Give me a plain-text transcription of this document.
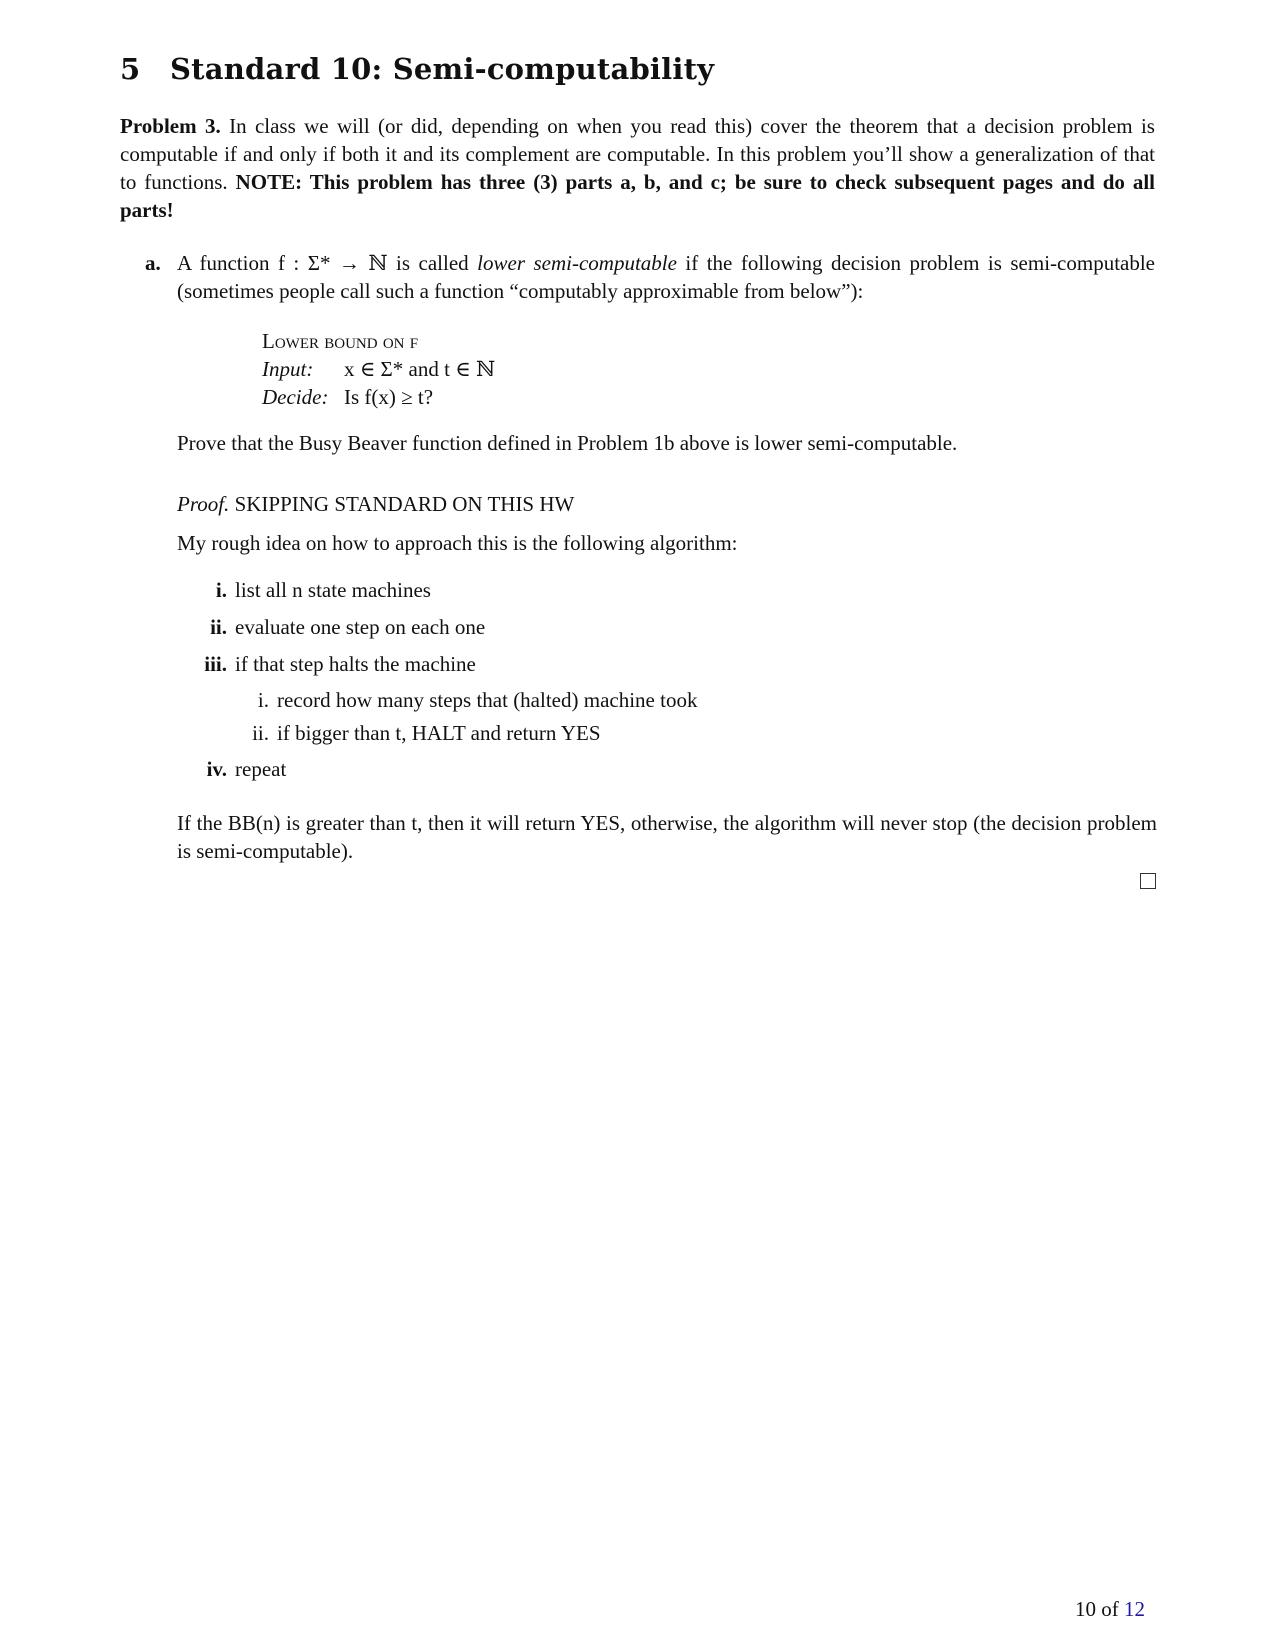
5 Standard 10: Semi-computability
Problem 3. In class we will (or did, depending on when you read this) cover the theorem that a decision problem is computable if and only if both it and its complement are computable. In this problem you’ll show a generalization of that to functions. NOTE: This problem has three (3) parts a, b, and c; be sure to check subsequent pages and do all parts!
a. A function f : Σ* → ℕ is called lower semi-computable if the following decision problem is semi-computable (sometimes people call such a function “computably approximable from below”):
Lower bound on f
Input: x ∈ Σ* and t ∈ ℕ
Decide: Is f(x) ≥ t?
Prove that the Busy Beaver function defined in Problem 1b above is lower semi-computable.
Proof. SKIPPING STANDARD ON THIS HW
My rough idea on how to approach this is the following algorithm:
i. list all n state machines
ii. evaluate one step on each one
iii. if that step halts the machine
i. record how many steps that (halted) machine took
ii. if bigger than t, HALT and return YES
iv. repeat
If the BB(n) is greater than t, then it will return YES, otherwise, the algorithm will never stop (the decision problem is semi-computable).
10 of 12
